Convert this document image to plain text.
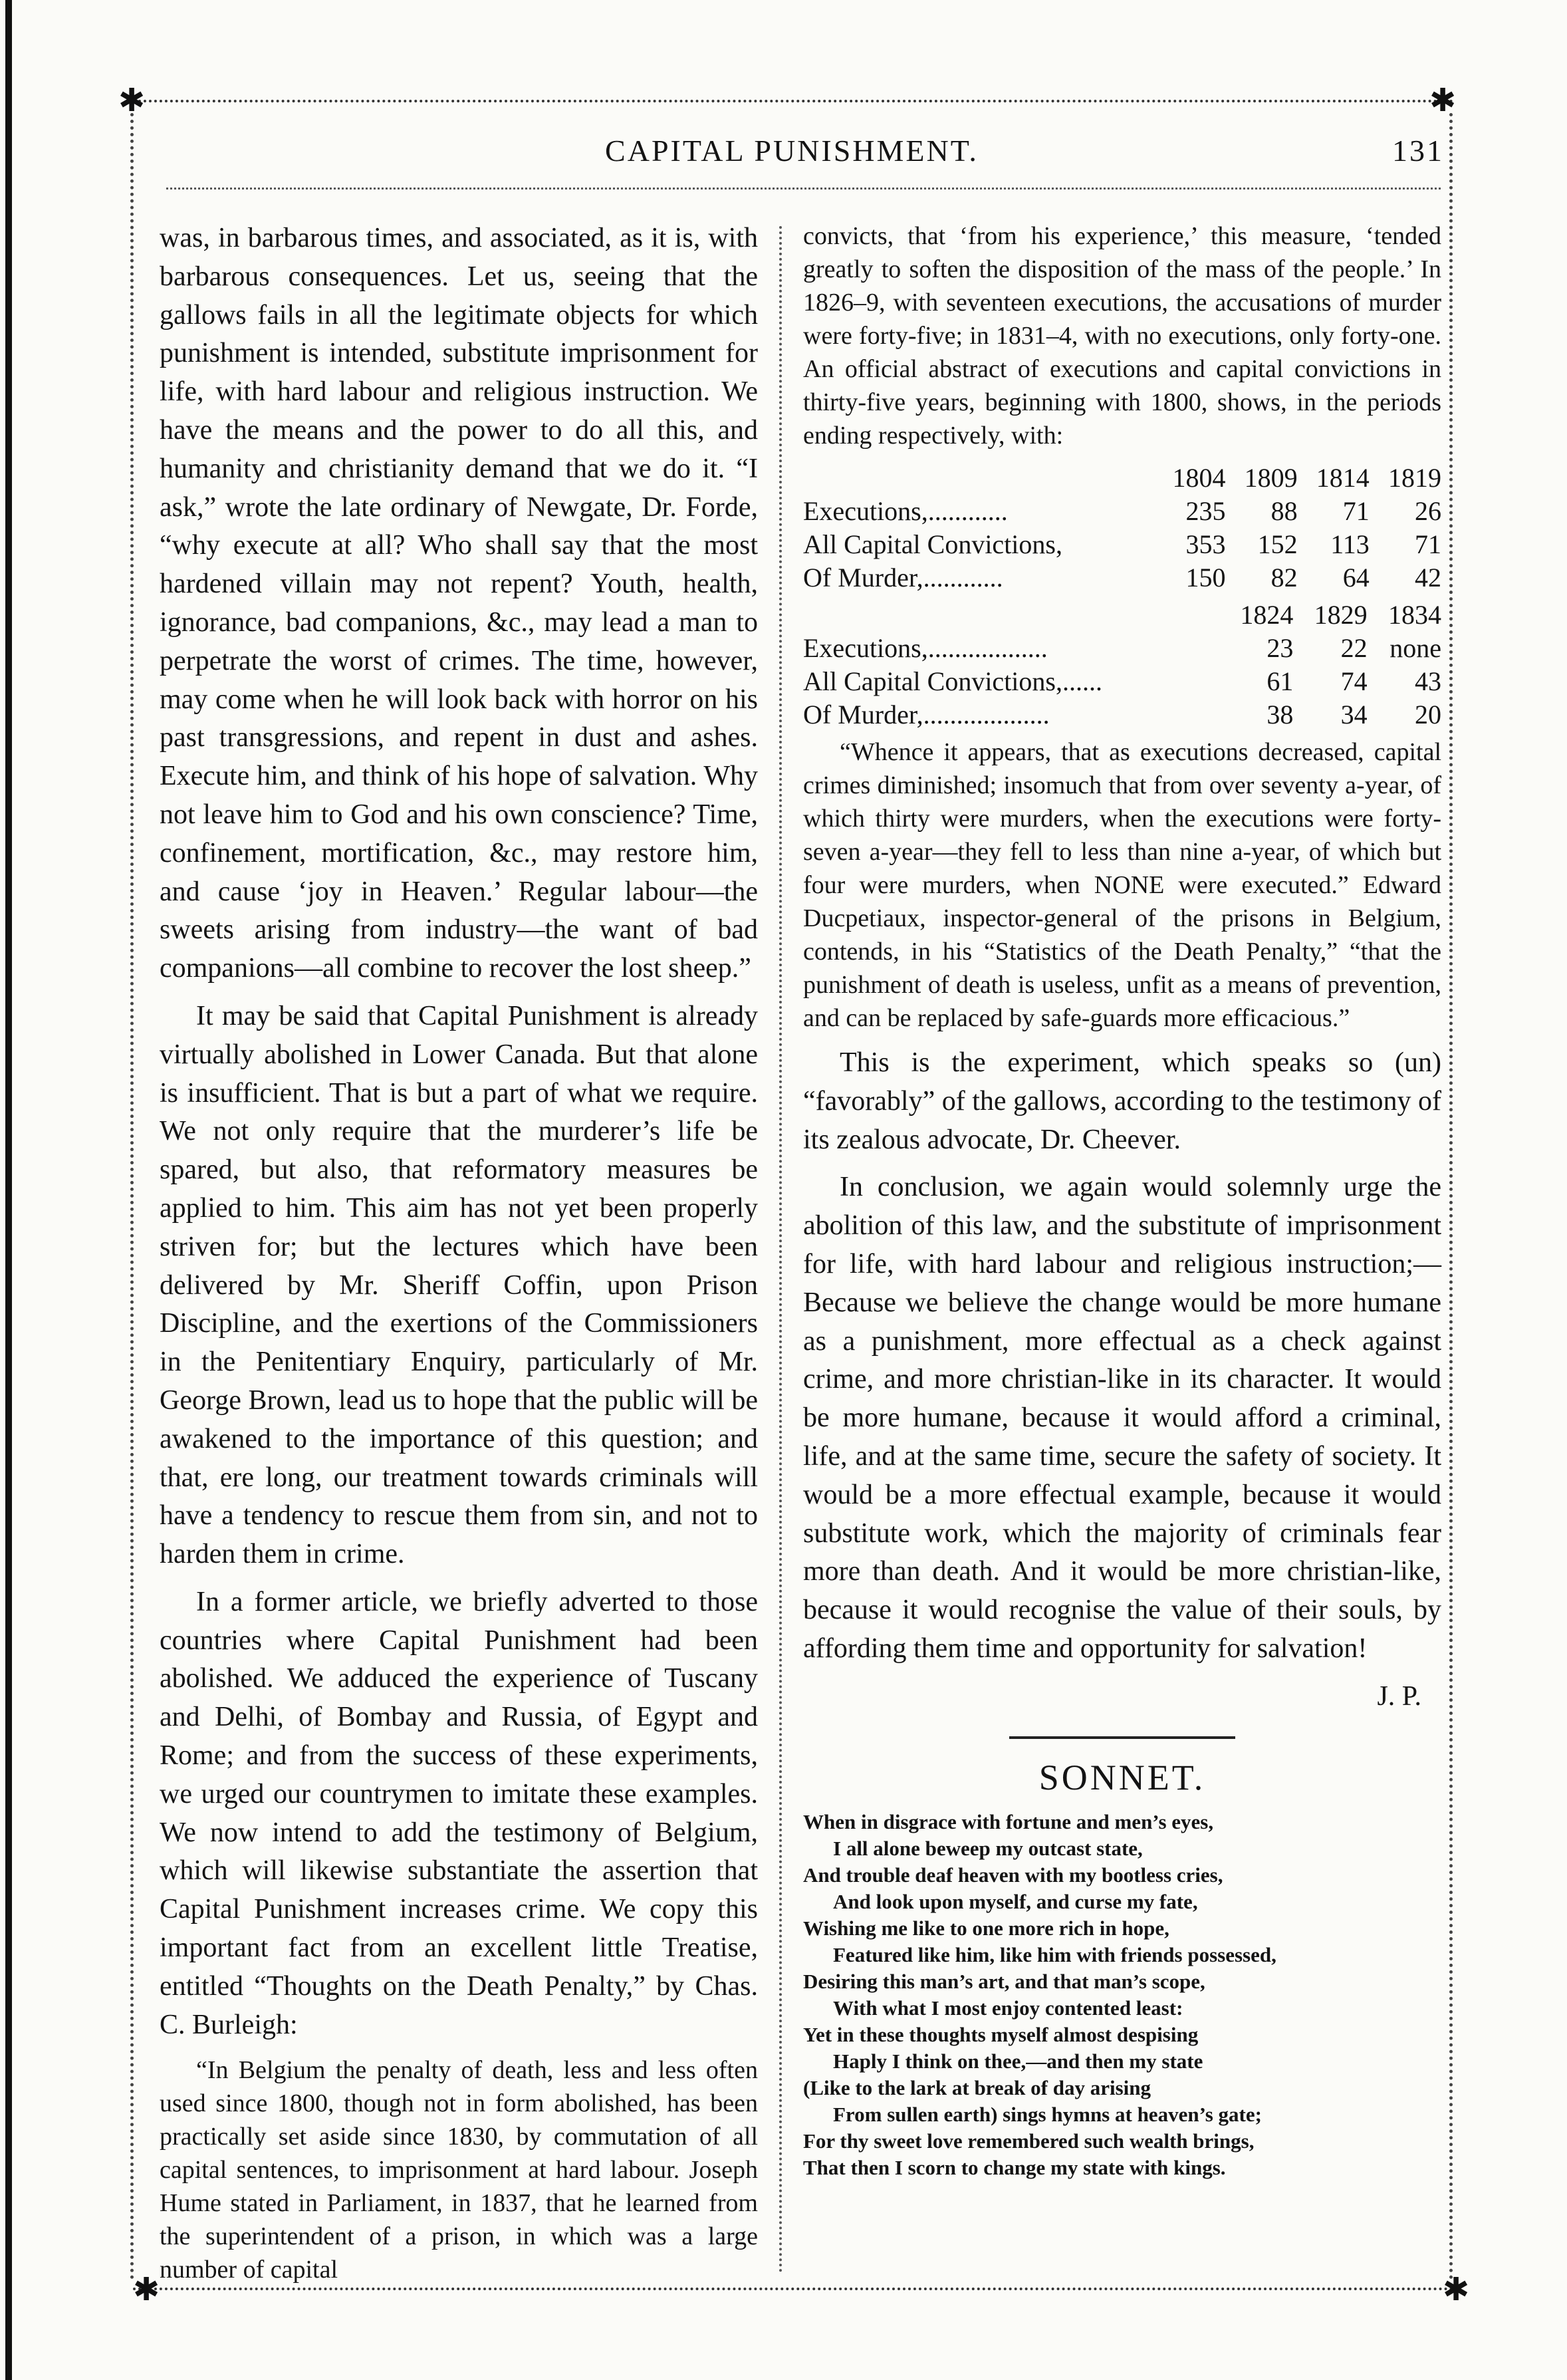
✱	✱
CAPITAL PUNISHMENT.	131

was, in barbarous times, and associated, as it is, with barbarous consequences. Let us, seeing that the gallows fails in all the legitimate objects for which punishment is intended, substitute imprisonment for life, with hard labour and religious instruction. We have the means and the power to do all this, and humanity and christianity demand that we do it. “I ask,” wrote the late ordinary of Newgate, Dr. Forde, “why execute at all? Who shall say that the most hardened villain may not repent? Youth, health, ignorance, bad companions, &c., may lead a man to perpetrate the worst of crimes. The time, however, may come when he will look back with horror on his past transgressions, and repent in dust and ashes. Execute him, and think of his hope of salvation. Why not leave him to God and his own conscience? Time, confinement, mortification, &c., may restore him, and cause ‘joy in Heaven.’ Regular labour—the sweets arising from industry—the want of bad companions—all combine to recover the lost sheep.”

It may be said that Capital Punishment is already virtually abolished in Lower Canada. But that alone is insufficient. That is but a part of what we require. We not only require that the murderer’s life be spared, but also, that reformatory measures be applied to him. This aim has not yet been properly striven for; but the lectures which have been delivered by Mr. Sheriff Coffin, upon Prison Discipline, and the exertions of the Commissioners in the Penitentiary Enquiry, particularly of Mr. George Brown, lead us to hope that the public will be awakened to the importance of this question; and that, ere long, our treatment towards criminals will have a tendency to rescue them from sin, and not to harden them in crime.

In a former article, we briefly adverted to those countries where Capital Punishment had been abolished. We adduced the experience of Tuscany and Delhi, of Bombay and Russia, of Egypt and Rome; and from the success of these experiments, we urged our countrymen to imitate these examples. We now intend to add the testimony of Belgium, which will likewise substantiate the assertion that Capital Punishment increases crime. We copy this important fact from an excellent little Treatise, entitled “Thoughts on the Death Penalty,” by Chas. C. Burleigh:

“In Belgium the penalty of death, less and less often used since 1800, though not in form abolished, has been practically set aside since 1830, by commutation of all capital sentences, to imprisonment at hard labour. Joseph Hume stated in Parliament, in 1837, that he learned from the superintendent of a prison, in which was a large number of capital

convicts, that ‘from his experience,’ this measure, ‘tended greatly to soften the disposition of the mass of the people.’ In 1826–9, with seventeen executions, the accusations of murder were forty-five; in 1831–4, with no executions, only forty-one. An official abstract of executions and capital convictions in thirty-five years, beginning with 1800, shows, in the periods ending respectively, with:

	1804	1809	1814	1819
Executions,............	235	88	71	26
All Capital Convictions,	353	152	113	71
Of Murder,............	150	82	64	42
	1824	1829	1834
Executions,..................	23	22	none
All Capital Convictions,......	61	74	43
Of Murder,...................	38	34	20

“Whence it appears, that as executions decreased, capital crimes diminished; insomuch that from over seventy a-year, of which thirty were murders, when the executions were forty-seven a-year—they fell to less than nine a-year, of which but four were murders, when NONE were executed.” Edward Ducpetiaux, inspector-general of the prisons in Belgium, contends, in his “Statistics of the Death Penalty,” “that the punishment of death is useless, unfit as a means of prevention, and can be replaced by safe-guards more efficacious.”

This is the experiment, which speaks so (un) “favorably” of the gallows, according to the testimony of its zealous advocate, Dr. Cheever.

In conclusion, we again would solemnly urge the abolition of this law, and the substitute of imprisonment for life, with hard labour and religious instruction;—Because we believe the change would be more humane as a punishment, more effectual as a check against crime, and more christian-like in its character. It would be more humane, because it would afford a criminal, life, and at the same time, secure the safety of society. It would be a more effectual example, because it would substitute work, which the majority of criminals fear more than death. And it would be more christian-like, because it would recognise the value of their souls, by affording them time and opportunity for salvation!

J. P.
SONNET.
When in disgrace with fortune and men’s eyes,
I all alone beweep my outcast state,
And trouble deaf heaven with my bootless cries,
And look upon myself, and curse my fate,
Wishing me like to one more rich in hope,
Featured like him, like him with friends possessed,
Desiring this man’s art, and that man’s scope,
With what I most enjoy contented least:
Yet in these thoughts myself almost despising
Haply I think on thee,—and then my state
(Like to the lark at break of day arising
From sullen earth) sings hymns at heaven’s gate;
For thy sweet love remembered such wealth brings,
That then I scorn to change my state with kings.
✱	✱
